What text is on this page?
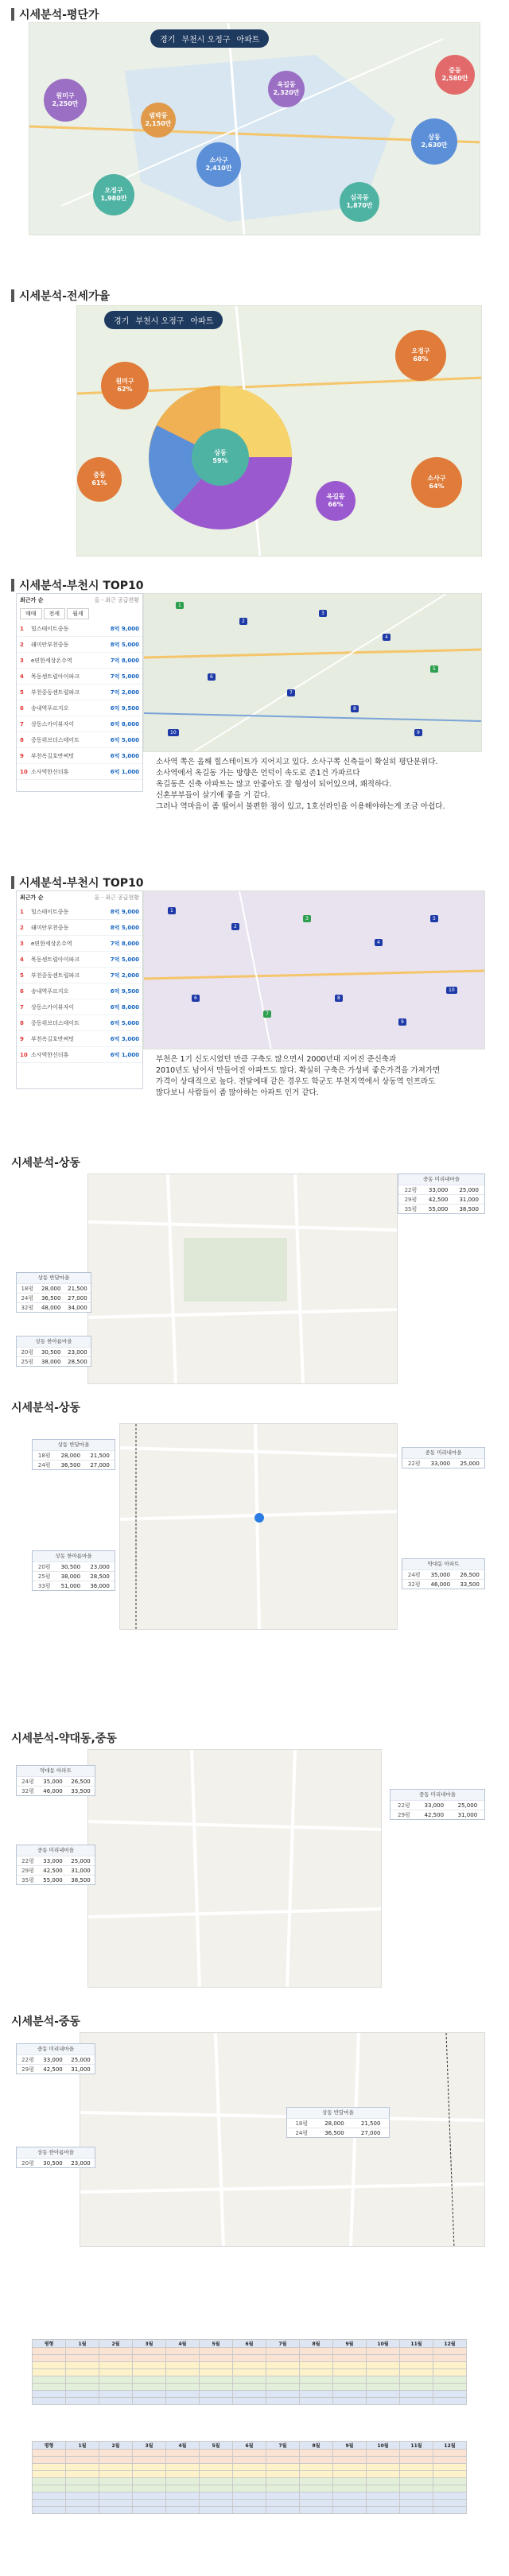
시세분석-평단가
경기 부천시 오정구 아파트
원미구
2,250만
오정구
1,980만
소사구
2,410만
상동
2,630만
중동
2,580만
심곡동
1,870만
옥길동
2,320만
범박동
2,150만
시세분석-전세가율
경기 부천시 오정구 아파트
원미구
62%
오정구
68%
소사구
64%
상동
59%
중동
61%
옥길동
66%
시세분석-부천시 TOP10
최근가 순	올 - 최근 공급현황
매매	전세	월세
1	힐스테이트중동	8억 9,000
2	래미안부천중동	8억 5,000
3	e편한세상온수역	7억 8,000
4	목동센트럴아이파크	7억 5,000
5	부천중동센트럴파크	7억 2,000
6	송내역푸르지오	6억 9,500
7	상동스카이뷰자이	6억 8,000
8	중동위브더스테이트	6억 5,000
9	부천옥길호반써밋	6억 3,000
10 소사역한신더휴	6억 1,000
1
2
3
4
5
6
7
8
9
10
소사역 쪽은 올해 힐스테이트가 지어지고 있다. 소사구쪽 신축들이 확실히 평단분위다.
소사역에서 옥길동 가는 방향은 언덕이 속도로 존1건 가파르다
옥길동은 신축 아파트는 많고 안좋아도 잘 형성이 되어있으며, 쾌적하다.
신혼부부들이 살기에 좋을 거 같다.
그러나 역마음이 좀 떨어서 불편한 점이 있고, 1호선라인을 이용해야하는게 조금 아쉽다.
시세분석-부천시 TOP10
최근가 순	올 - 최근 공급현황
1	힐스테이트중동	8억 9,000
2	래미안부천중동	8억 5,000
3	e편한세상온수역	7억 8,000
4	목동센트럴아이파크	7억 5,000
5	부천중동센트럴파크	7억 2,000
6	송내역푸르지오	6억 9,500
7	상동스카이뷰자이	6억 8,000
8	중동위브더스테이트	6억 5,000
9	부천옥길호반써밋	6억 3,000
10 소사역한신더휴	6억 1,000
1
2
3
4
5
6
7
8
9
10
부천은 1기 신도시였던 만큼 구축도 많으면서 2000년대 지어진 준신축과
2010년도 넘어서 만들어진 아파트도 많다. 확실히 구축은 가성비 좋은가격을 가져가면
가격이 상대적으로 높다. 전달에대 같은 경우도 학군도 부천지역에서 상동역 인프라도
많다보니 사람들이 좀 많아하는 아파트 인거 같다.
시세분석-상동
상동 반달마을
18평	28,000	21,500
24평	36,500	27,000
32평	48,000	34,000
상동 한아름마을
20평	30,500	23,000
25평	38,000	28,500
중동 미리내마을
22평	33,000	25,000
29평	42,500	31,000
35평	55,000	38,500
시세분석-상동
상동 반달마을
18평	28,000	21,500
24평	36,500	27,000
상동 한아름마을
20평	30,500	23,000
25평	38,000	28,500
33평	51,000	36,000
중동 미리내마을
22평	33,000	25,000
약대동 아파트
24평	35,000	26,500
32평	46,000	33,500
시세분석-약대동,중동
약대동 아파트
24평	35,000	26,500
32평	46,000	33,500
중동 미리내마을
22평	33,000	25,000
29평	42,500	31,000
35평	55,000	38,500
중동 미리내마을
22평	33,000	25,000
29평	42,500	31,000
시세분석-중동
중동 미리내마을
22평	33,000	25,000
29평	42,500	31,000
상동 한아름마을
20평	30,500	23,000
상동 반달마을
18평	28,000	21,500
24평	36,500	27,000
평형	1월	2월	3월	4월	5월	6월	7월	8월	9월	10월	11월	12월

평형	1월	2월	3월	4월	5월	6월	7월	8월	9월	10월	11월	12월
